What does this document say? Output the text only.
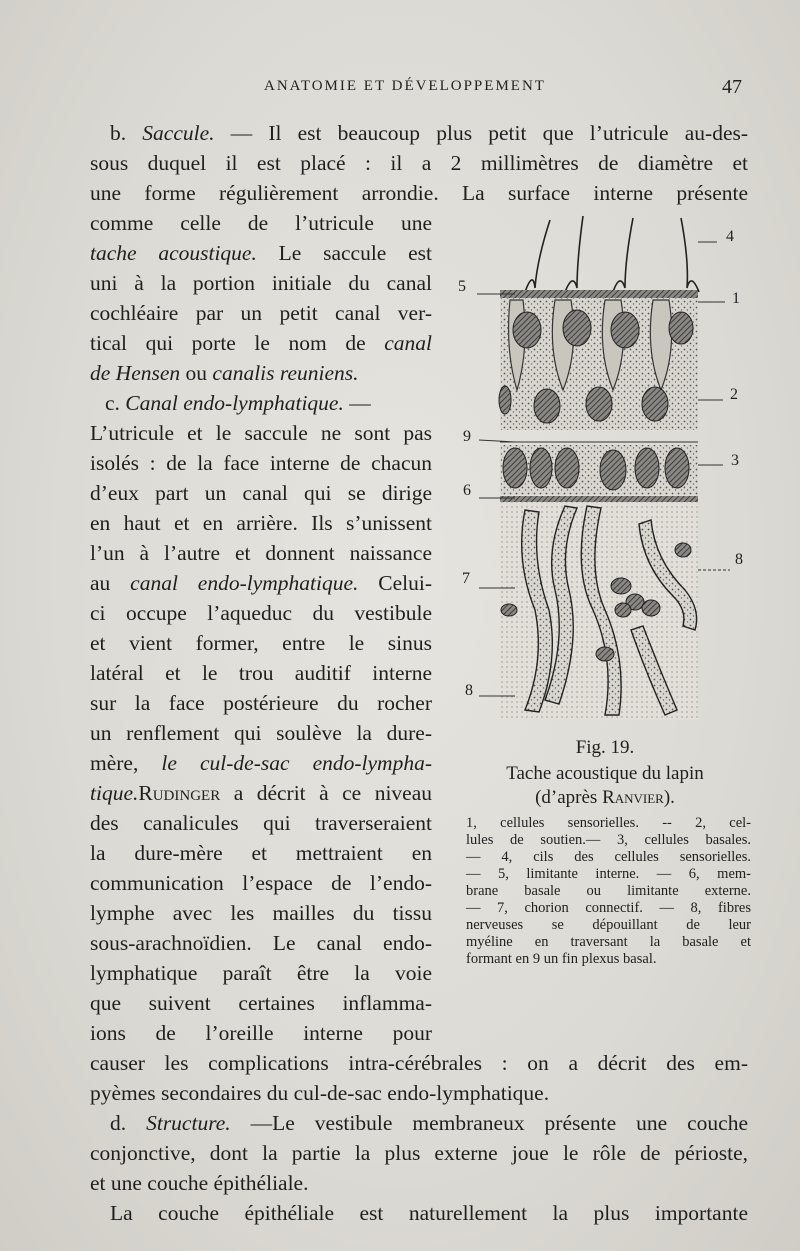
ANATOMIE ET DÉVELOPPEMENT	47
b. Saccule. — Il est beaucoup plus petit que l’utricule au-des-
sous duquel il est placé : il a 2 millimètres de diamètre et
une forme régulièrement arrondie. La surface interne présente
comme celle de l’utricule une
tache acoustique. Le saccule est
uni à la portion initiale du canal
cochléaire par un petit canal ver-
tical qui porte le nom de canal
de Hensen ou canalis reuniens.
c. Canal endo-lymphatique. —
L’utricule et le saccule ne sont pas
isolés : de la face interne de chacun
d’eux part un canal qui se dirige
en haut et en arrière. Ils s’unissent
l’un à l’autre et donnent naissance
au canal endo-lymphatique. Celui-
ci occupe l’aqueduc du vestibule
et vient former, entre le sinus
latéral et le trou auditif interne
sur la face postérieure du rocher
un renflement qui soulève la dure-
mère, le cul-de-sac endo-lympha-
tique.Rudinger a décrit à ce niveau
des canalicules qui traverseraient
la dure-mère et mettraient en
communication l’espace de l’endo-
lymphe avec les mailles du tissu
sous-arachnoïdien. Le canal endo-
lymphatique paraît être la voie
que suivent certaines inflamma-
ions de l’oreille interne pour
causer les complications intra-cérébrales : on a décrit des em-
pyèmes secondaires du cul-de-sac endo-lymphatique.
d. Structure. —Le vestibule membraneux présente une couche
conjonctive, dont la partie la plus externe joue le rôle de périoste,
et une couche épithéliale.
La couche épithéliale est naturellement la plus importante
4
1
5
2
3
9
6
7
8
8
Fig. 19.
Tache acoustique du lapin
(d’après Ranvier).
1, cellules sensorielles. -- 2, cel-
lules de soutien.— 3, cellules basales.
— 4, cils des cellules sensorielles.
— 5, limitante interne. — 6, mem-
brane basale ou limitante externe.
— 7, chorion connectif. — 8, fibres
nerveuses se dépouillant de leur
myéline en traversant la basale et
formant en 9 un fin plexus basal.
